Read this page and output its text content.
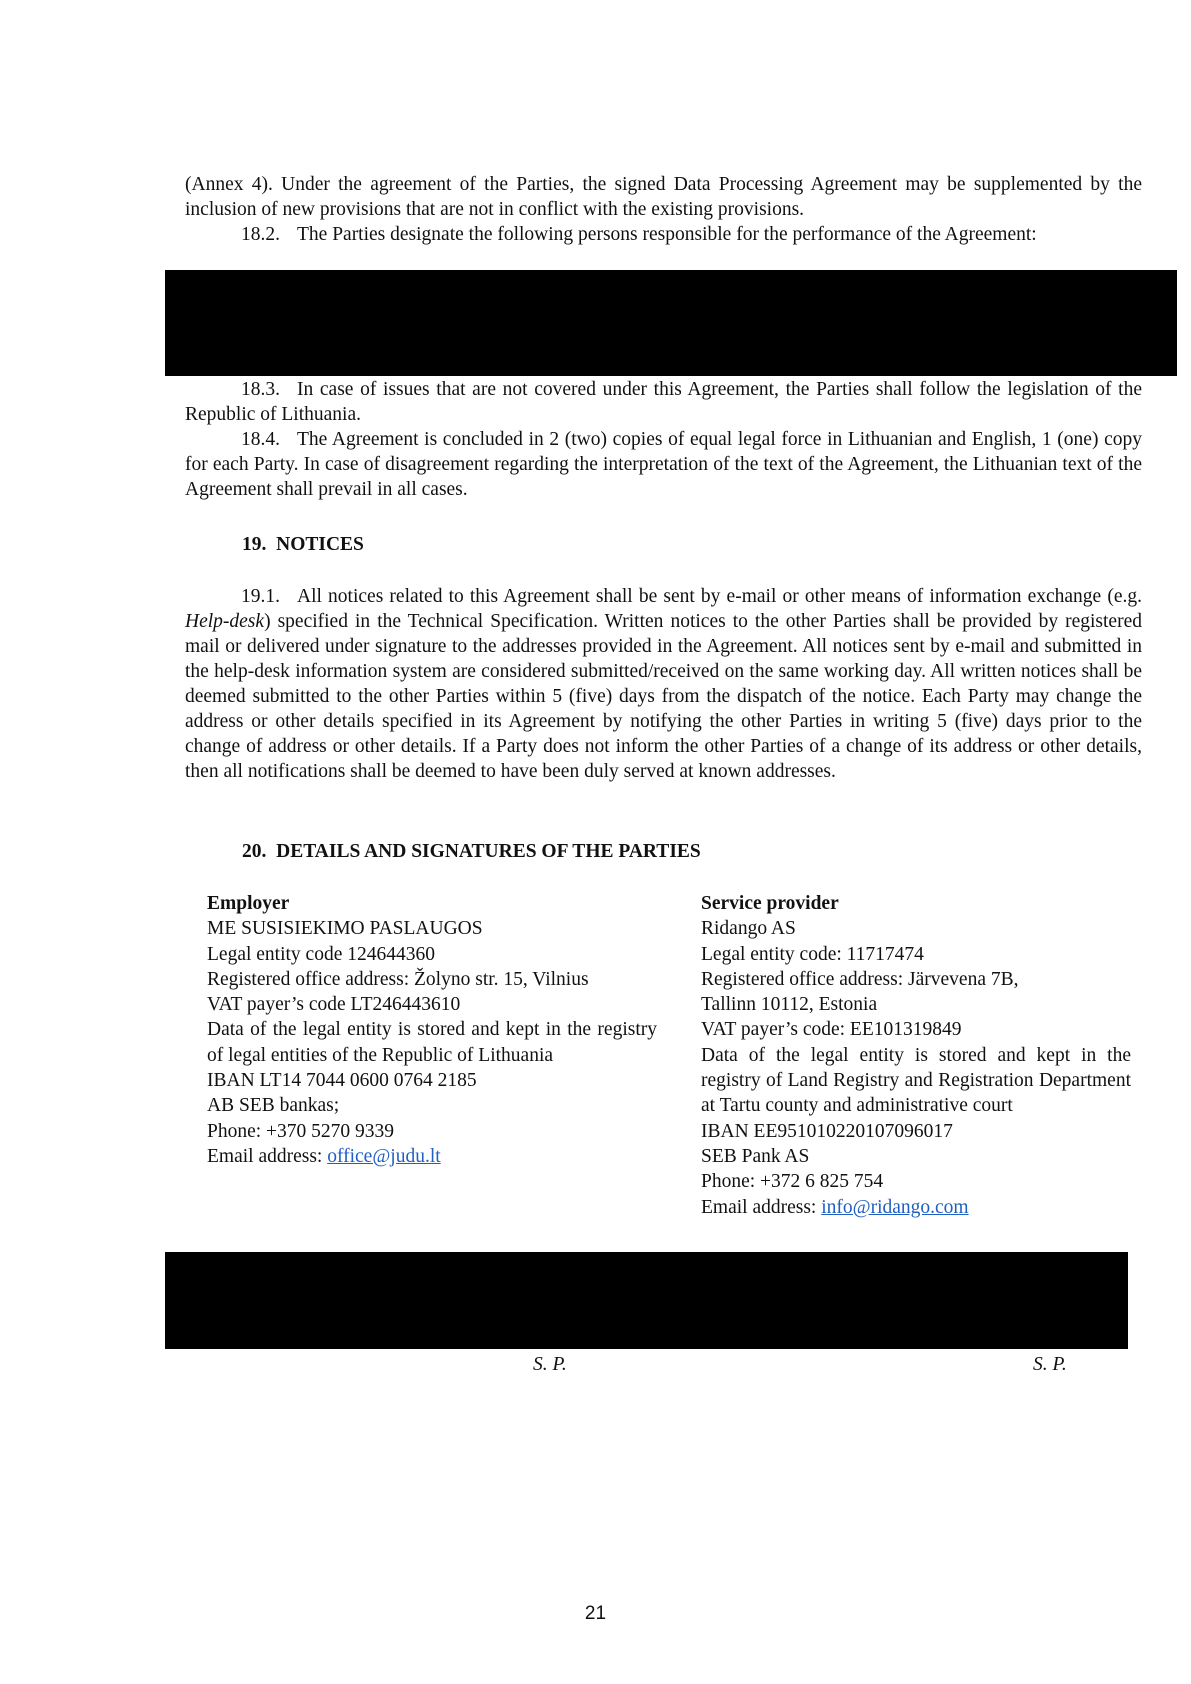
(Annex 4). Under the agreement of the Parties, the signed Data Processing Agreement may be supplemented by the inclusion of new provisions that are not in conflict with the existing provisions.

18.2. The Parties designate the following persons responsible for the performance of the Agreement:

18.3. In case of issues that are not covered under this Agreement, the Parties shall follow the legislation of the Republic of Lithuania.

18.4. The Agreement is concluded in 2 (two) copies of equal legal force in Lithuanian and English, 1 (one) copy for each Party. In case of disagreement regarding the interpretation of the text of the Agreement, the Lithuanian text of the Agreement shall prevail in all cases.

19.  NOTICES

19.1. All notices related to this Agreement shall be sent by e-mail or other means of information exchange (e.g. Help-desk) specified in the Technical Specification. Written notices to the other Parties shall be provided by registered mail or delivered under signature to the addresses provided in the Agreement. All notices sent by e-mail and submitted in the help-desk information system are considered submitted/received on the same working day. All written notices shall be deemed submitted to the other Parties within 5 (five) days from the dispatch of the notice. Each Party may change the address or other details specified in its Agreement by notifying the other Parties in writing 5 (five) days prior to the change of address or other details. If a Party does not inform the other Parties of a change of its address or other details, then all notifications shall be deemed to have been duly served at known addresses.

20.  DETAILS AND SIGNATURES OF THE PARTIES

Employer

ME SUSISIEKIMO PASLAUGOS

Legal entity code 124644360

Registered office address: Žolyno str. 15, Vilnius

VAT payer’s code LT246443610

Data of the legal entity is stored and kept in the registry of legal entities of the Republic of Lithuania

IBAN LT14 7044 0600 0764 2185

AB SEB bankas;

Phone: +370 5270 9339

Email address: office@judu.lt

Service provider

Ridango AS

Legal entity code: 11717474

Registered office address: Järvevena 7B,

Tallinn 10112, Estonia

VAT payer’s code: EE101319849

Data of the legal entity is stored and kept in the registry of Land Registry and Registration Department at Tartu county and administrative court

IBAN EE951010220107096017

SEB Pank AS

Phone: +372 6 825 754

Email address: info@ridango.com

S. P.	S. P.
21
